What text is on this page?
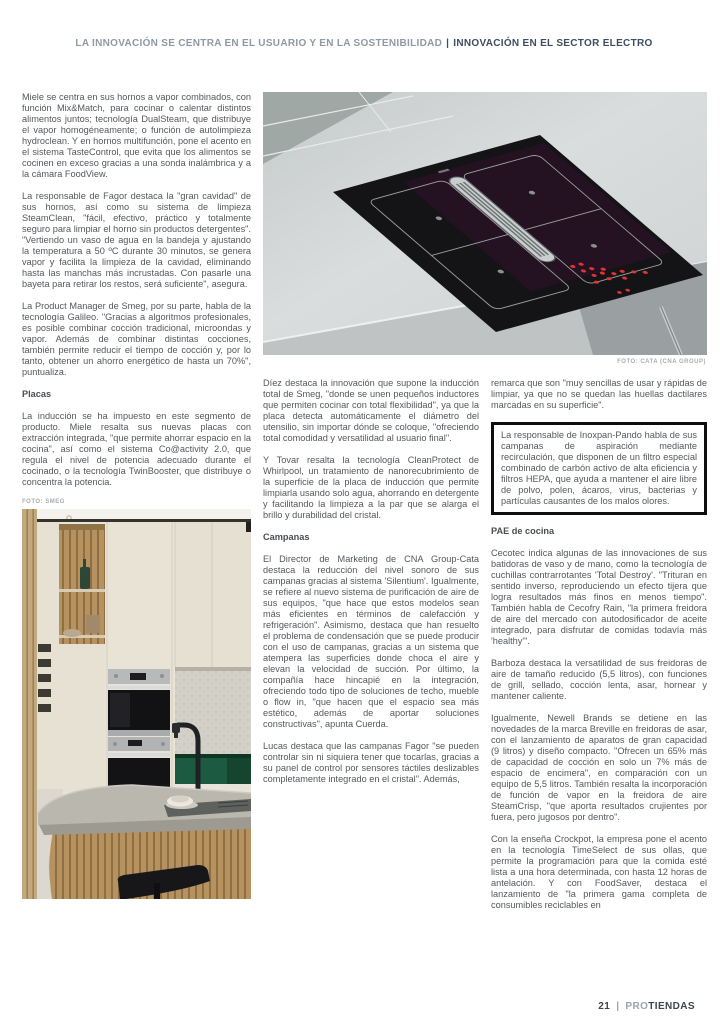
LA INNOVACIÓN SE CENTRA EN EL USUARIO Y EN LA SOSTENIBILIDAD | INNOVACIÓN EN EL SECTOR ELECTRO

Miele se centra en sus hornos a vapor combinados, con función Mix&Match, para cocinar o calentar distintos alimentos juntos; tecnología DualSteam, que distribuye el vapor homogéneamente; o función de autolimpieza hydroclean. Y en hornos multifunción, pone el acento en el sistema TasteControl, que evita que los alimentos se cocinen en exceso gracias a una sonda inalámbrica y a la cámara FoodView.

La responsable de Fagor destaca la "gran cavidad" de sus hornos, así como su sistema de limpieza SteamClean, "fácil, efectivo, práctico y totalmente seguro para limpiar el horno sin productos detergentes". "Vertiendo un vaso de agua en la bandeja y ajustando la temperatura a 50 ºC durante 30 minutos, se genera vapor y facilita la limpieza de la cavidad, eliminando hasta las manchas más incrustadas. Con pasarle una bayeta para retirar los restos, será suficiente", asegura.

La Product Manager de Smeg, por su parte, habla de la tecnología Galileo. "Gracias a algoritmos profesionales, es posible combinar cocción tradicional, microondas y vapor. Además de combinar distintas cocciones, también permite reducir el tiempo de cocción y, por lo tanto, obtener un ahorro energético de hasta un 70%", puntualiza.

Placas

La inducción se ha impuesto en este segmento de producto. Miele resalta sus nuevas placas con extracción integrada, "que permite ahorrar espacio en la cocina", así como el sistema Co@activity 2.0, que regula el nivel de potencia adecuado durante el cocinado, o la tecnología TwinBooster, que distribuye o concentra la potencia.

FOTO: SMEG
FOTO: CATA (CNA GROUP)

Díez destaca la innovación que supone la inducción total de Smeg, "donde se unen pequeños inductores que permiten cocinar con total flexibilidad", ya que la placa detecta automáticamente el diámetro del utensilio, sin importar dónde se coloque, "ofreciendo total comodidad y versatilidad al usuario final".

Y Tovar resalta la tecnología CleanProtect de Whirlpool, un tratamiento de nanorecubrimiento de la superficie de la placa de inducción que permite limpiarla usando solo agua, ahorrando en detergente y facilitando la limpieza a la par que se alarga el brillo y durabilidad del cristal.

Campanas

El Director de Marketing de CNA Group-Cata destaca la reducción del nivel sonoro de sus campanas gracias al sistema 'Silentium'. Igualmente, se refiere al nuevo sistema de purificación de aire de sus equipos, "que hace que estos modelos sean más eficientes en términos de calefacción y refrigeración". Asimismo, destaca que han resuelto el problema de condensación que se puede producir con el uso de campanas, gracias a un sistema que atempera las superficies donde choca el aire y elevan la velocidad de succión. Por último, la compañía hace hincapié en la integración, ofreciendo todo tipo de soluciones de techo, mueble o flow in, "que hacen que el espacio sea más estético, además de aportar soluciones constructivas", apunta Cuerda.

Lucas destaca que las campanas Fagor "se pueden controlar sin ni siquiera tener que tocarlas, gracias a su panel de control por sensores táctiles deslizables completamente integrado en el cristal". Además,

remarca que son "muy sencillas de usar y rápidas de limpiar, ya que no se quedan las huellas dactilares marcadas en su superficie".

La responsable de Inoxpan-Pando habla de sus campanas de aspiración mediante recirculación, que disponen de un filtro especial combinado de carbón activo de alta eficiencia y filtros HEPA, que ayuda a mantener el aire libre de polvo, polen, ácaros, virus, bacterias y partículas causantes de los malos olores.

PAE de cocina

Cecotec indica algunas de las innovaciones de sus batidoras de vaso y de mano, como la tecnología de cuchillas contrarrotantes 'Total Destroy'. "Trituran en sentido inverso, reproduciendo un efecto tijera que logra resultados más finos en menos tiempo". También habla de Cecofry Rain, "la primera freidora de aire del mercado con autodosificador de aceite integrado, para disfrutar de comidas todavía más 'healthy'".

Barboza destaca la versatilidad de sus freidoras de aire de tamaño reducido (5,5 litros), con funciones de grill, sellado, cocción lenta, asar, hornear y mantener caliente.

Igualmente, Newell Brands se detiene en las novedades de la marca Breville en freidoras de asar, con el lanzamiento de aparatos de gran capacidad (9 litros) y diseño compacto. "Ofrecen un 65% más de capacidad de cocción en solo un 7% más de espacio de encimera", en comparación con un equipo de 5,5 litros. También resalta la incorporación de función de vapor en la freidora de aire SteamCrisp, "que aporta resultados crujientes por fuera, pero jugosos por dentro".

Con la enseña Crockpot, la empresa pone el acento en la tecnología TimeSelect de sus ollas, que permite la programación para que la comida esté lista a una hora determinada, con hasta 12 horas de antelación. Y con FoodSaver, destaca el lanzamiento de "la primera gama completa de consumibles reciclables en

21 | PROTIENDAS
